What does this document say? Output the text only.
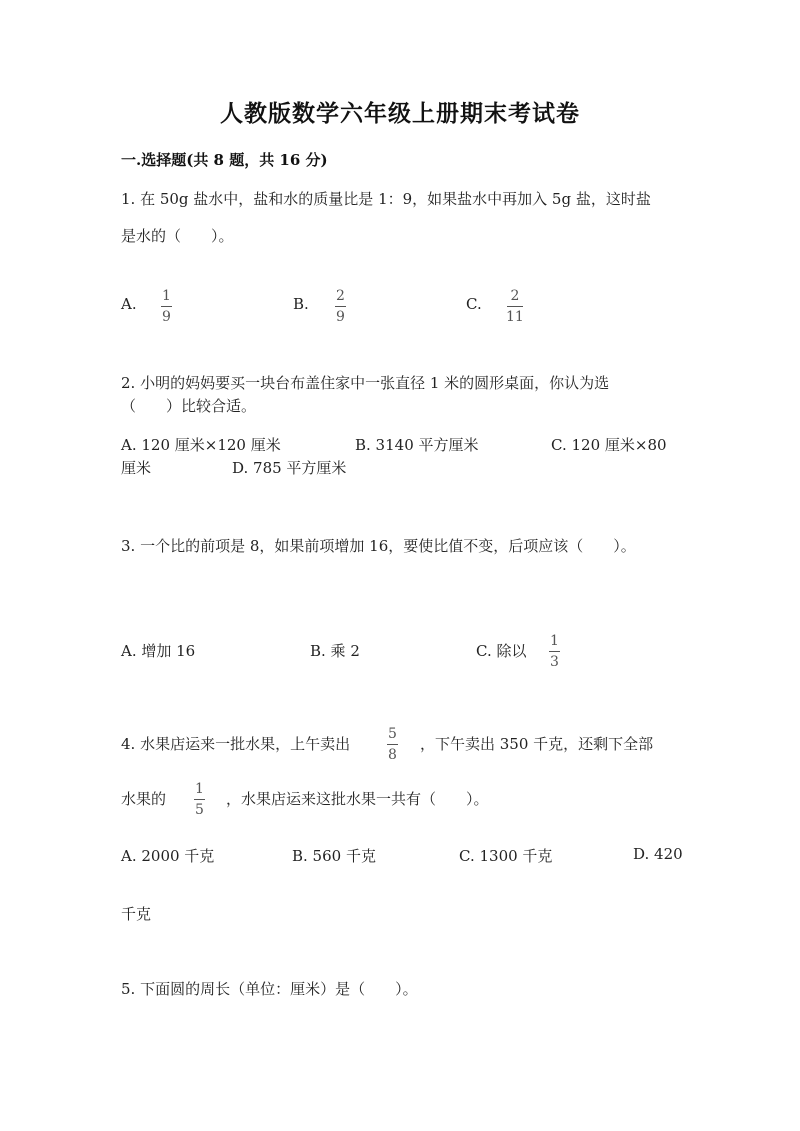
人教版数学六年级上册期末考试卷
一.选择题(共 8 题，共 16 分)
1. 在 50g 盐水中，盐和水的质量比是 1：9，如果盐水中再加入 5g 盐，这时盐
是水的（　　）。
A. 1
9
B. 2
9
C. 2
11
2. 小明的妈妈要买一块台布盖住家中一张直径 1 米的圆形桌面，你认为选
（　　）比较合适。
A. 120 厘米×120 厘米	B. 3140 平方厘米	C. 120 厘米×80
厘米	D. 785 平方厘米
3. 一个比的前项是 8，如果前项增加 16，要使比值不变，后项应该（　　）。
A. 增加 16	B. 乘 2	C. 除以
1
3
4. 水果店运来一批水果，上午卖出
5
8
，下午卖出 350 千克，还剩下全部
水果的
1
5
，水果店运来这批水果一共有（　　）。
A. 2000 千克	B. 560 千克	C. 1300 千克	D. 420
千克
5. 下面圆的周长（单位：厘米）是（　　）。
